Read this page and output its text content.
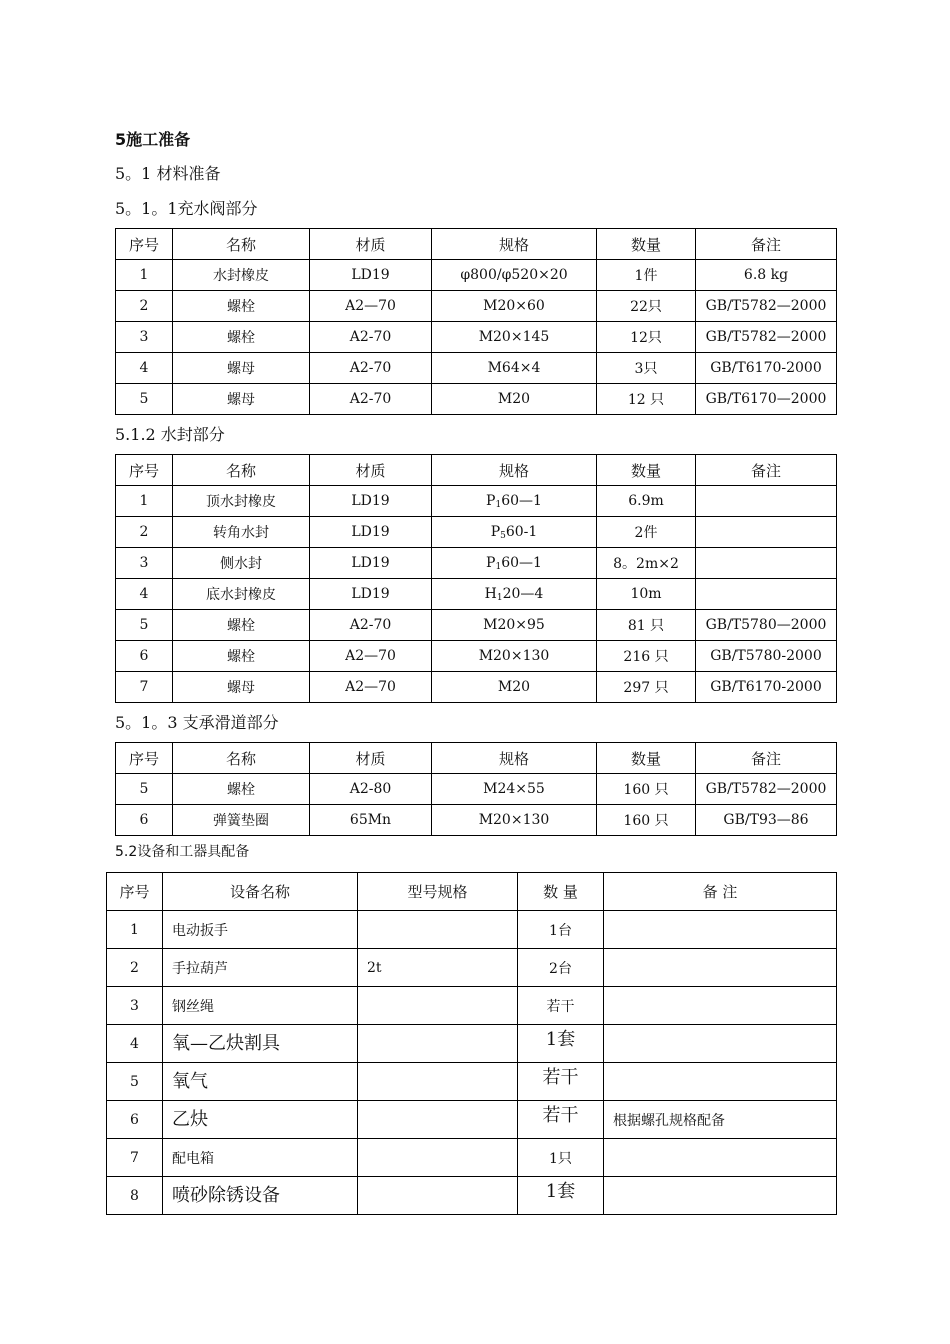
5施工准备
5。1 材料准备
5。1。1充水阀部分
序号	名称	材质	规格	数量	备注
1	水封橡皮	LD19	φ800/φ520×20	1件	6.8 kg
2	螺栓	A2—70	M20×60	22只	GB/T5782—2000
3	螺栓	A2-70	M20×145	12只	GB/T5782—2000
4	螺母	A2-70	M64×4	3只	GB/T6170-2000
5	螺母	A2-70	M20	12 只	GB/T6170—2000
5.1.2 水封部分
序号	名称	材质	规格	数量	备注
1	顶水封橡皮	LD19	$P_160—1$	6.9m	
2	转角水封	LD19	$P_560-1$	2件	
3	侧水封	LD19	$P_160—1$	8。2m×2	
4	底水封橡皮	LD19	$H_120—4$	10m	
5	螺栓	A2-70	M20×95	81 只	GB/T5780—2000
6	螺栓	A2—70	M20×130	216 只	GB/T5780-2000
7	螺母	A2—70	M20	297 只	GB/T6170-2000
5。1。3 支承滑道部分
序号	名称	材质	规格	数量	备注
5	螺栓	A2-80	M24×55	160 只	GB/T5782—2000
6	弹簧垫圈	65Mn	M20×130	160 只	GB/T93—86
5.2设备和工器具配备
序号	设备名称	型号规格	数 量	备 注
1	电动扳手		1台	
2	手拉葫芦	2t	2台	
3	钢丝绳		若干	
4	氧—乙炔割具		1套	
5	氧气		若干	
6	乙炔		若干	根据螺孔规格配备
7	配电箱		1只	
8	喷砂除锈设备		1套	
